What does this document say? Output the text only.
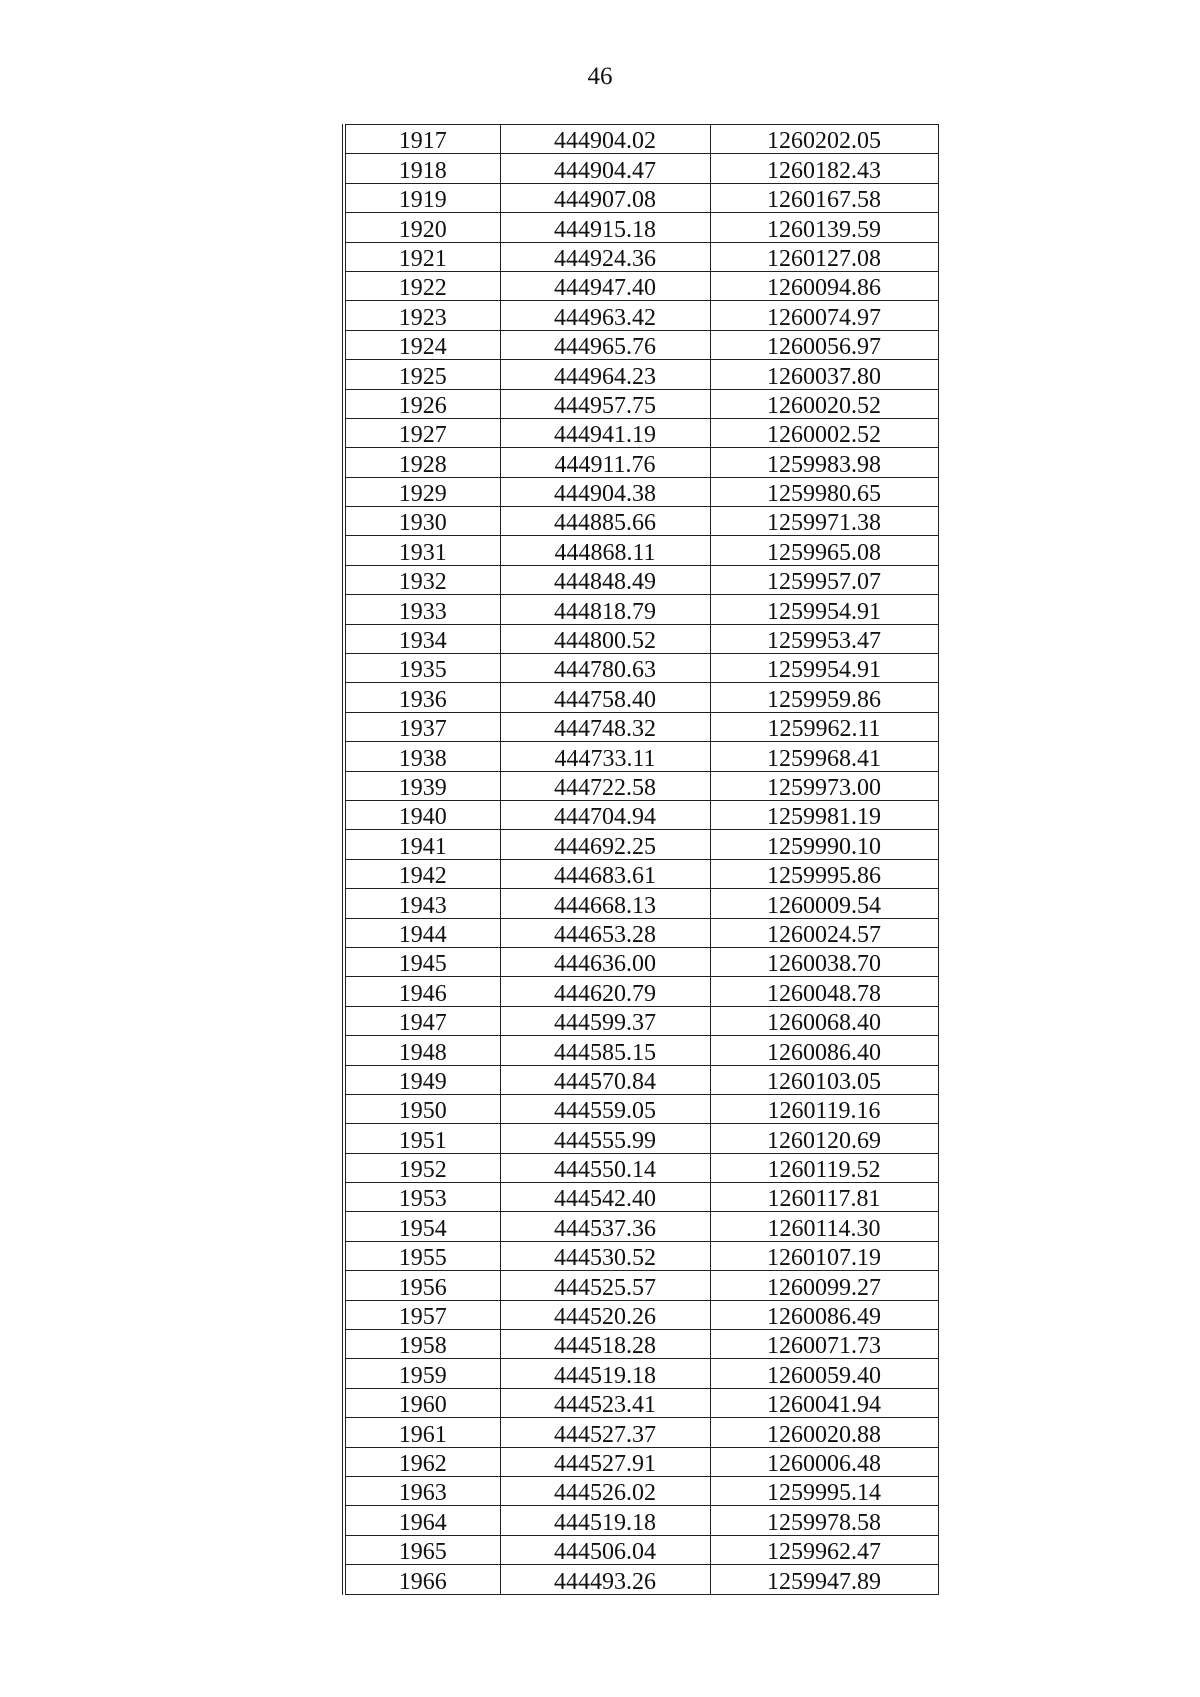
46
1917	444904.02	1260202.05
1918	444904.47	1260182.43
1919	444907.08	1260167.58
1920	444915.18	1260139.59
1921	444924.36	1260127.08
1922	444947.40	1260094.86
1923	444963.42	1260074.97
1924	444965.76	1260056.97
1925	444964.23	1260037.80
1926	444957.75	1260020.52
1927	444941.19	1260002.52
1928	444911.76	1259983.98
1929	444904.38	1259980.65
1930	444885.66	1259971.38
1931	444868.11	1259965.08
1932	444848.49	1259957.07
1933	444818.79	1259954.91
1934	444800.52	1259953.47
1935	444780.63	1259954.91
1936	444758.40	1259959.86
1937	444748.32	1259962.11
1938	444733.11	1259968.41
1939	444722.58	1259973.00
1940	444704.94	1259981.19
1941	444692.25	1259990.10
1942	444683.61	1259995.86
1943	444668.13	1260009.54
1944	444653.28	1260024.57
1945	444636.00	1260038.70
1946	444620.79	1260048.78
1947	444599.37	1260068.40
1948	444585.15	1260086.40
1949	444570.84	1260103.05
1950	444559.05	1260119.16
1951	444555.99	1260120.69
1952	444550.14	1260119.52
1953	444542.40	1260117.81
1954	444537.36	1260114.30
1955	444530.52	1260107.19
1956	444525.57	1260099.27
1957	444520.26	1260086.49
1958	444518.28	1260071.73
1959	444519.18	1260059.40
1960	444523.41	1260041.94
1961	444527.37	1260020.88
1962	444527.91	1260006.48
1963	444526.02	1259995.14
1964	444519.18	1259978.58
1965	444506.04	1259962.47
1966	444493.26	1259947.89
